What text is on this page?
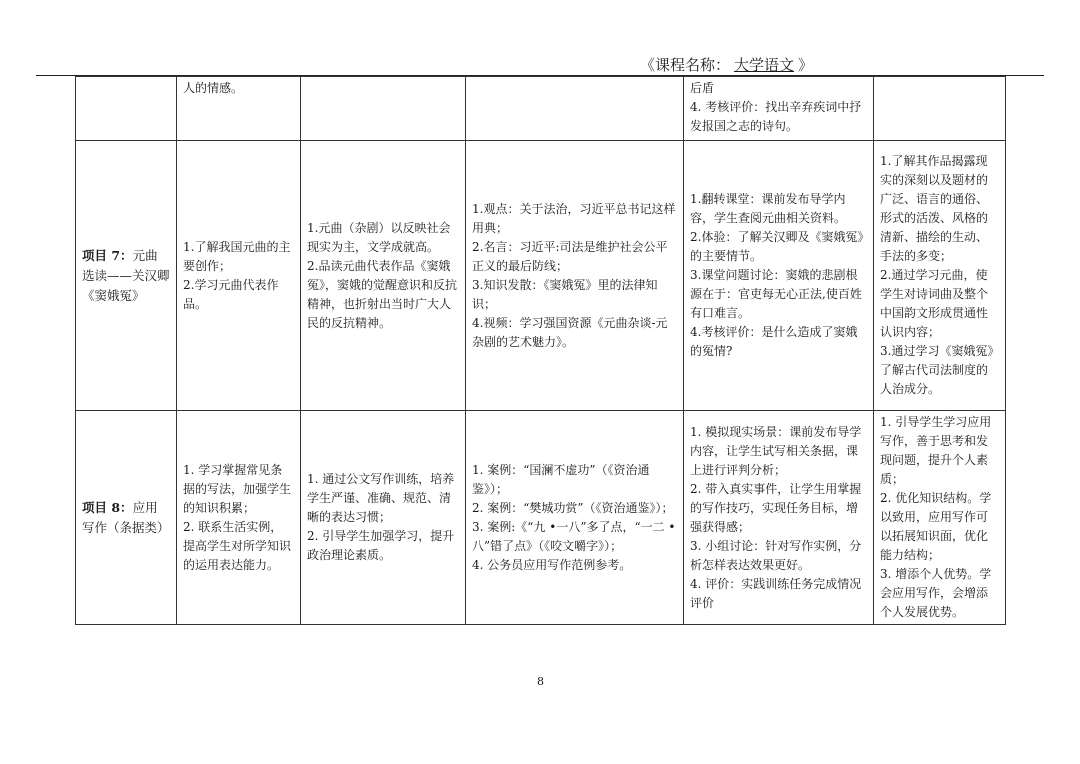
《课程名称： 大学语文 》

	人的情感。			后盾
4. 考核评价：找出辛弃疾词中抒发报国之志的诗句。	

项目 7：元曲选读——关汉卿《窦娥冤》	1.了解我国元曲的主要创作；
2.学习元曲代表作品。	1.元曲（杂剧）以反映社会现实为主，文学成就高。
2.品读元曲代表作品《窦娥冤》，窦娥的觉醒意识和反抗精神，也折射出当时广大人民的反抗精神。	1.观点：关于法治，习近平总书记这样用典；
2.名言：习近平:司法是维护社会公平正义的最后防线；
3.知识发散：《窦娥冤》里的法律知识；
4.视频：学习强国资源《元曲杂谈-元杂剧的艺术魅力》。	1.翻转课堂：课前发布导学内容，学生查阅元曲相关资料。
2.体验：了解关汉卿及《窦娥冤》的主要情节。
3.课堂问题讨论：窦娥的悲剧根源在于：官吏每无心正法,使百姓有口难言。
4.考核评价：是什么造成了窦娥的冤情?	1.了解其作品揭露现实的深刻以及题材的广泛、语言的通俗、形式的活泼、风格的清新、描绘的生动、手法的多变；
2.通过学习元曲，使学生对诗词曲及整个中国韵文形成贯通性认识内容；
3.通过学习《窦娥冤》了解古代司法制度的人治成分。

项目 8：应用写作（条据类）	1. 学习掌握常见条据的写法，加强学生的知识积累；
2. 联系生活实例，提高学生对所学知识的运用表达能力。	1. 通过公文写作训练，培养学生严谨、准确、规范、清晰的表达习惯；
2. 引导学生加强学习，提升政治理论素质。	1. 案例：“国澜不虚功”（《资治通鉴》）；
2. 案例：“樊城功赏”（《资治通鉴》）；
3. 案例:《“九 •一八”多了点，“一二 • 八”错了点》（《咬文嚼字》）；
4. 公务员应用写作范例参考。	1. 模拟现实场景：课前发布导学内容，让学生试写相关条据，课上进行评判分析；
2. 带入真实事件，让学生用掌握的写作技巧，实现任务目标，增强获得感；
3. 小组讨论：针对写作实例，分析怎样表达效果更好。
4. 评价：实践训练任务完成情况评价	1. 引导学生学习应用写作，善于思考和发现问题，提升个人素质；
2. 优化知识结构。学以致用，应用写作可以拓展知识面，优化能力结构；
3. 增添个人优势。学会应用写作，会增添个人发展优势。
8
